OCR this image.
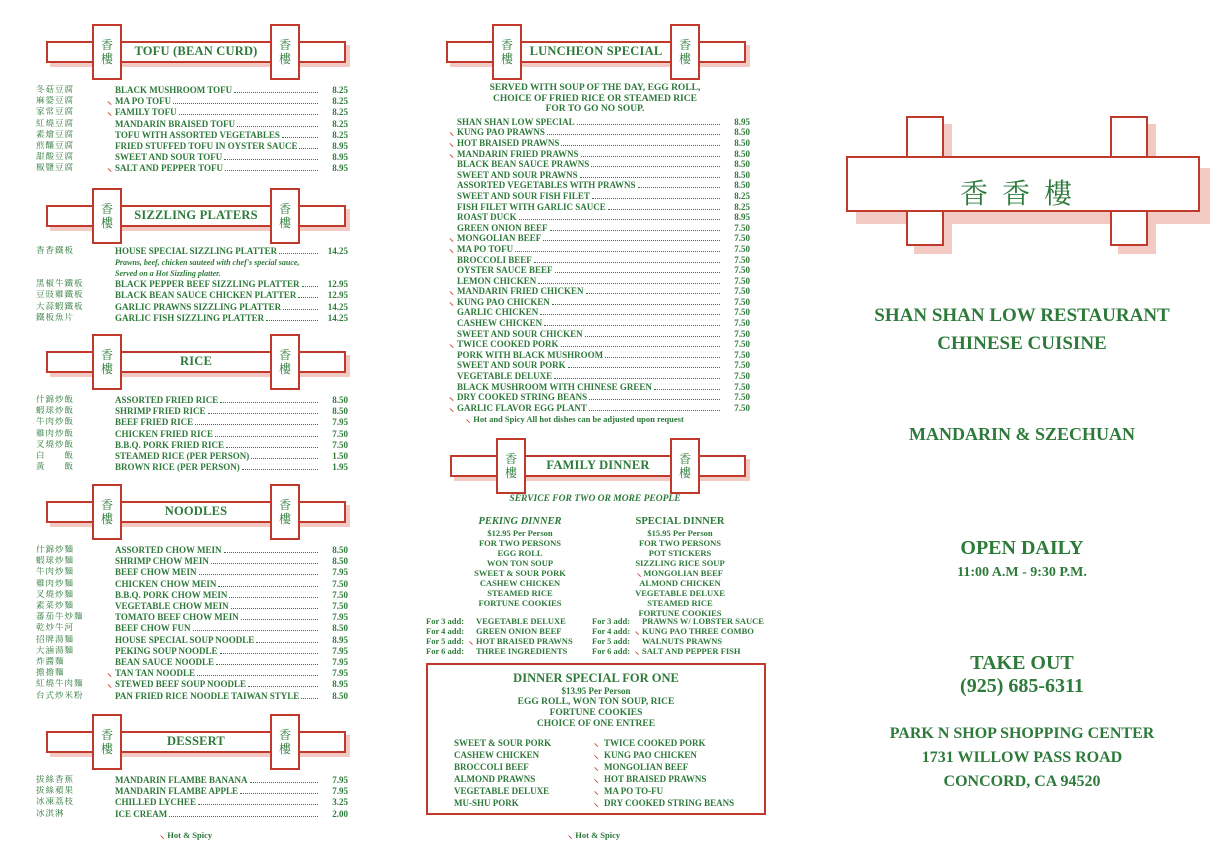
香
樓
香
樓
TOFU (BEAN CURD)
冬菇豆腐	BLACK MUSHROOM TOFU	8.25
麻婆豆腐	⸜ MA PO TOFU	8.25
家常豆腐	⸜ FAMILY TOFU	8.25
紅燒豆腐	MANDARIN BRAISED TOFU	8.25
素燴豆腐	TOFU WITH ASSORTED VEGETABLES	8.25
煎釀豆腐	FRIED STUFFED TOFU IN OYSTER SAUCE	8.95
甜酸豆腐	SWEET AND SOUR TOFU	8.95
椒鹽豆腐	⸜ SALT AND PEPPER TOFU	8.95
香
樓
香
樓
SIZZLING PLATERS
香香鐵板	HOUSE SPECIAL SIZZLING PLATTER	14.25
Prawns, beef, chicken sauteed with chef's special sauce,
Served on a Hot Sizzling platter.
黑椒牛鐵板	BLACK PEPPER BEEF SIZZLING PLATTER	12.95
豆豉雞鐵板	BLACK BEAN SAUCE CHICKEN PLATTER	12.95
大蒜蝦鐵板	GARLIC PRAWNS SIZZLING PLATTER	14.25
鐵板魚片	GARLIC FISH SIZZLING PLATTER	14.25
香
樓
香
樓
RICE
什錦炒飯	ASSORTED FRIED RICE	8.50
蝦球炒飯	SHRIMP FRIED RICE	8.50
牛肉炒飯	BEEF FRIED RICE	7.95
雞肉炒飯	CHICKEN FRIED RICE	7.50
叉燒炒飯	B.B.Q. PORK FRIED RICE	7.50
白　　飯	STEAMED RICE (PER PERSON)	1.50
黃　　飯	BROWN RICE (PER PERSON)	1.95
香
樓
香
樓
NOODLES
什錦炒麵	ASSORTED CHOW MEIN	8.50
蝦球炒麵	SHRIMP CHOW MEIN	8.50
牛肉炒麵	BEEF CHOW MEIN	7.95
雞肉炒麵	CHICKEN CHOW MEIN	7.50
叉燒炒麵	B.B.Q. PORK CHOW MEIN	7.50
素菜炒麵	VEGETABLE CHOW MEIN	7.50
蕃茄牛炒麵	TOMATO BEEF CHOW MEIN	7.95
乾炒牛河	BEEF CHOW FUN	8.50
招牌湯麵	HOUSE SPECIAL SOUP NOODLE	8.95
大滷湯麵	PEKING SOUP NOODLE	7.95
炸醬麵	BEAN SAUCE NOODLE	7.95
擔擔麵	⸜ TAN TAN NOODLE	7.95
紅燒牛肉麵	⸜ STEWED BEEF SOUP NOODLE	8.95
台式炒米粉	PAN FRIED RICE NOODLE TAIWAN STYLE	8.50
香
樓
香
樓
DESSERT
拔絲香蕉	MANDARIN FLAMBE BANANA	7.95
拔絲蘋果	MANDARIN FLAMBE APPLE	7.95
冰凍荔枝	CHILLED LYCHEE	3.25
冰淇淋	ICE CREAM	2.00
⸜ Hot & Spicy
香
樓
香
樓
LUNCHEON SPECIAL
SERVED WITH SOUP OF THE DAY, EGG ROLL,
CHOICE OF FRIED RICE OR STEAMED RICE
FOR TO GO NO SOUP.
SHAN SHAN LOW SPECIAL	8.95
⸜ KUNG PAO PRAWNS	8.50
⸜ HOT BRAISED PRAWNS	8.50
⸜ MANDARIN FRIED PRAWNS	8.50
BLACK BEAN SAUCE PRAWNS	8.50
SWEET AND SOUR PRAWNS	8.50
ASSORTED VEGETABLES WITH PRAWNS	8.50
SWEET AND SOUR FISH FILET	8.25
FISH FILET WITH GARLIC SAUCE	8.25
ROAST DUCK	8.95
GREEN ONION BEEF	7.50
⸜ MONGOLIAN BEEF	7.50
⸜ MA PO TOFU	7.50
BROCCOLI BEEF	7.50
OYSTER SAUCE BEEF	7.50
LEMON CHICKEN	7.50
⸜ MANDARIN FRIED CHICKEN	7.50
⸜ KUNG PAO CHICKEN	7.50
GARLIC CHICKEN	7.50
CASHEW CHICKEN	7.50
SWEET AND SOUR CHICKEN	7.50
⸜ TWICE COOKED PORK	7.50
PORK WITH BLACK MUSHROOM	7.50
SWEET AND SOUR PORK	7.50
VEGETABLE DELUXE	7.50
BLACK MUSHROOM WITH CHINESE GREEN	7.50
⸜ DRY COOKED STRING BEANS	7.50
⸜ GARLIC FLAVOR EGG PLANT	7.50
⸜ Hot and Spicy All hot dishes can be adjusted upon request
香
樓
香
樓
FAMILY DINNER
SERVICE FOR TWO OR MORE PEOPLE
PEKING DINNER
$12.95 Per Person
FOR TWO PERSONS
EGG ROLL
WON TON SOUP
SWEET & SOUR PORK
CASHEW CHICKEN
STEAMED RICE
FORTUNE COOKIES
SPECIAL DINNER
$15.95 Per Person
FOR TWO PERSONS
POT STICKERS
SIZZLING RICE SOUP
⸜ MONGOLIAN BEEF
ALMOND CHICKEN
VEGETABLE DELUXE
STEAMED RICE
FORTUNE COOKIES
For 3 add: VEGETABLE DELUXE
For 4 add: GREEN ONION BEEF
For 5 add: ⸜ HOT BRAISED PRAWNS
For 6 add: THREE INGREDIENTS
For 3 add: PRAWNS W/ LOBSTER SAUCE
For 4 add: ⸜ KUNG PAO THREE COMBO
For 5 add: WALNUTS PRAWNS
For 6 add: ⸜ SALT AND PEPPER FISH
DINNER SPECIAL FOR ONE
$13.95 Per Person
EGG ROLL, WON TON SOUP, RICE
FORTUNE COOKIES
CHOICE OF ONE ENTREE
SWEET & SOUR PORK
CASHEW CHICKEN
BROCCOLI BEEF
ALMOND PRAWNS
VEGETABLE DELUXE
MU-SHU PORK
⸜ TWICE COOKED PORK
⸜ KUNG PAO CHICKEN
⸜ MONGOLIAN BEEF
⸜ HOT BRAISED PRAWNS
⸜ MA PO TO-FU
⸜ DRY COOKED STRING BEANS
⸜ Hot & Spicy
香香樓
SHAN SHAN LOW RESTAURANT
CHINESE CUISINE
MANDARIN & SZECHUAN
OPEN DAILY
11:00 A.M - 9:30 P.M.
TAKE OUT
(925) 685-6311
PARK N SHOP SHOPPING CENTER
1731 WILLOW PASS ROAD
CONCORD, CA 94520
